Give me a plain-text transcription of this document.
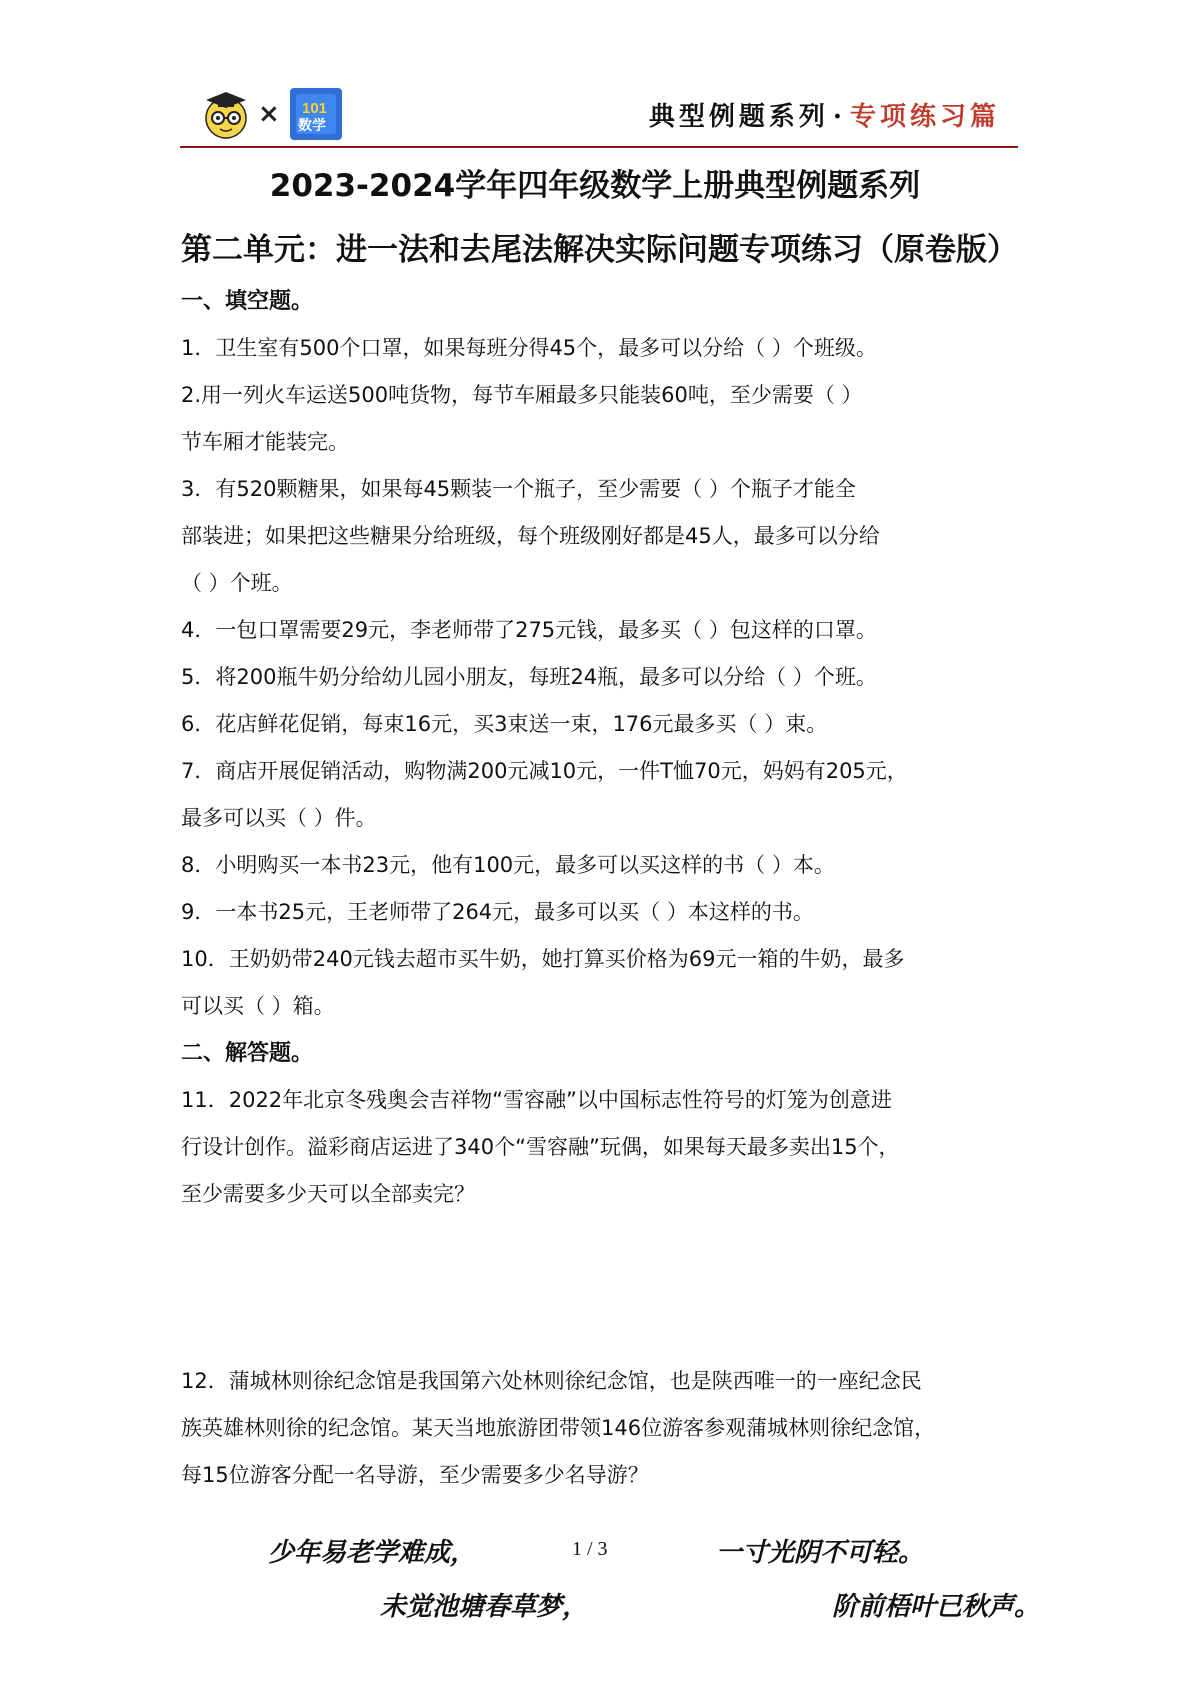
× 101
数学	典型例题系列 · 专项练习篇
2023-2024学年四年级数学上册典型例题系列
第二单元：进一法和去尾法解决实际问题专项练习（原卷版）
一、填空题。
1．卫生室有500个口罩，如果每班分得45个，最多可以分给（ ）个班级。
2.用一列火车运送500吨货物，每节车厢最多只能装60吨，至少需要（ ）
节车厢才能装完。
3．有520颗糖果，如果每45颗装一个瓶子，至少需要（ ）个瓶子才能全
部装进；如果把这些糖果分给班级，每个班级刚好都是45人，最多可以分给
（ ）个班。
4．一包口罩需要29元，李老师带了275元钱，最多买（ ）包这样的口罩。
5．将200瓶牛奶分给幼儿园小朋友，每班24瓶，最多可以分给（ ）个班。
6．花店鲜花促销，每束16元，买3束送一束，176元最多买（ ）束。
7．商店开展促销活动，购物满200元减10元，一件T恤70元，妈妈有205元，
最多可以买（ ）件。
8．小明购买一本书23元，他有100元，最多可以买这样的书（ ）本。
9．一本书25元，王老师带了264元，最多可以买（ ）本这样的书。
10．王奶奶带240元钱去超市买牛奶，她打算买价格为69元一箱的牛奶，最多
可以买（ ）箱。
二、解答题。
11．2022年北京冬残奥会吉祥物“雪容融”以中国标志性符号的灯笼为创意进
行设计创作。溢彩商店运进了340个“雪容融”玩偶，如果每天最多卖出15个，
至少需要多少天可以全部卖完？
12．蒲城林则徐纪念馆是我国第六处林则徐纪念馆，也是陕西唯一的一座纪念民
族英雄林则徐的纪念馆。某天当地旅游团带领146位游客参观蒲城林则徐纪念馆，
每15位游客分配一名导游，至少需要多少名导游？
少年易老学难成，	1 / 3	一寸光阴不可轻。
未觉池塘春草梦，	阶前梧叶已秋声。
